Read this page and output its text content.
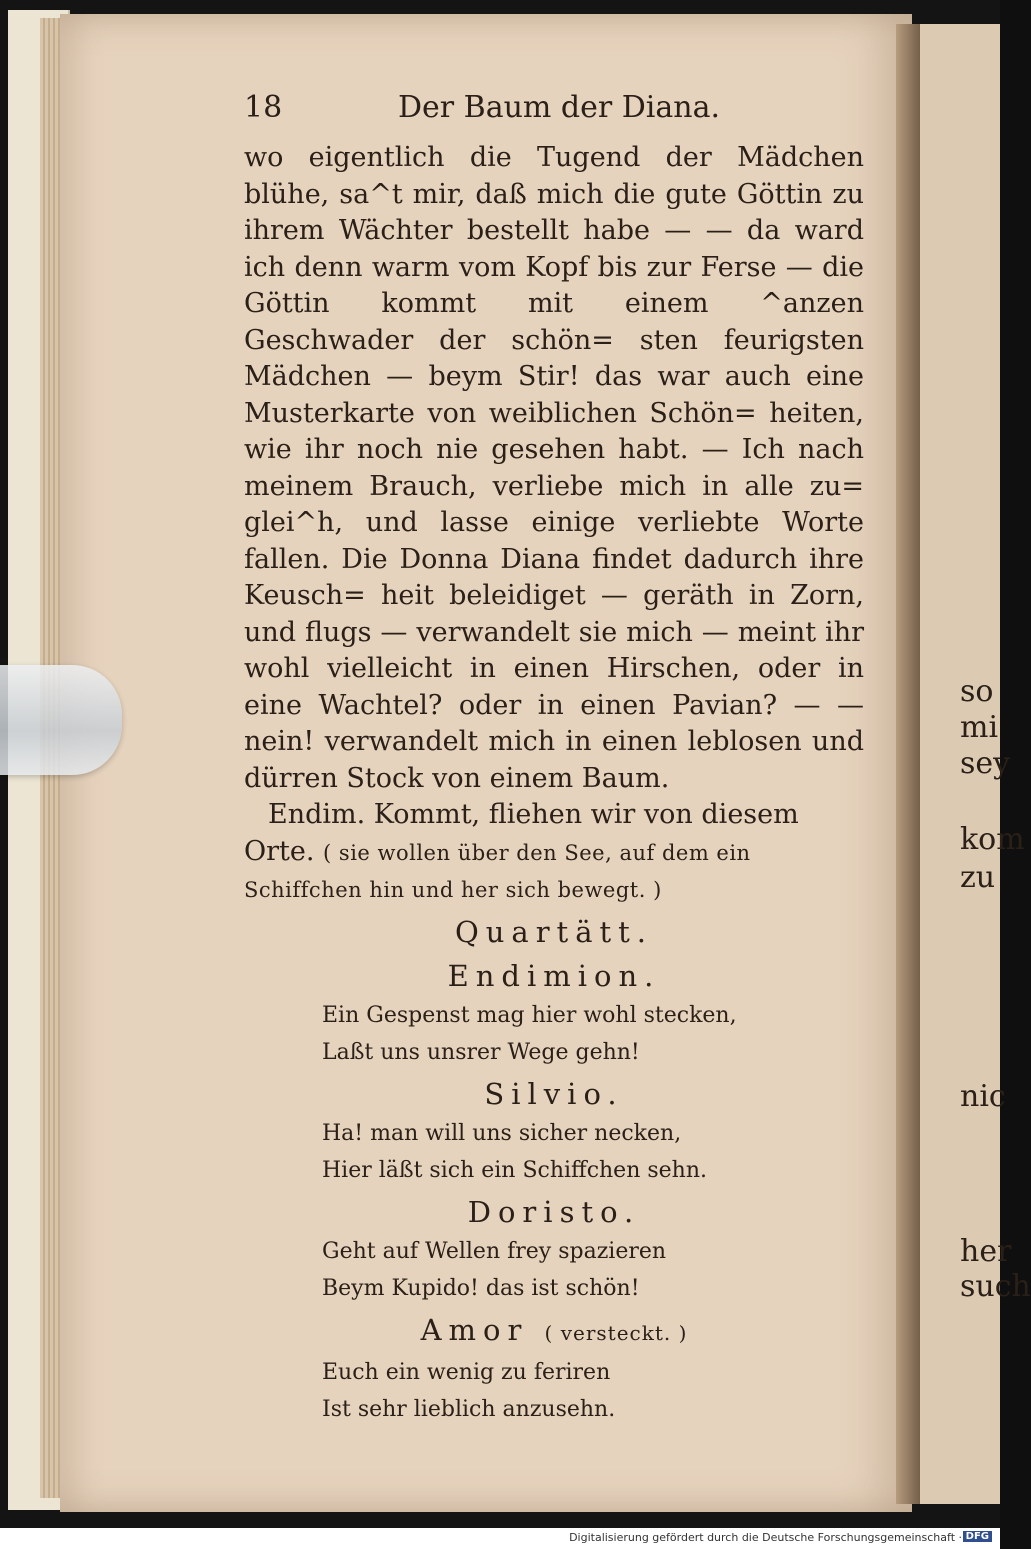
so
mi
sey
kom
zu
nic
her
such
18	Der Baum der Diana.

wo eigentlich die Tugend der Mädchen blühe, sa^t mir, daß mich die gute Göttin zu ihrem Wächter bestellt habe — — da ward ich denn warm vom Kopf bis zur Ferse — die Göttin kommt mit einem ^anzen Geschwader der schön= sten feurigsten Mädchen — beym Stir! das war auch eine Musterkarte von weiblichen Schön= heiten, wie ihr noch nie gesehen habt. — Ich nach meinem Brauch, verliebe mich in alle zu= glei^h, und lasse einige verliebte Worte fallen. Die Donna Diana findet dadurch ihre Keusch= heit beleidiget — geräth in Zorn, und flugs — verwandelt sie mich — meint ihr wohl vielleicht in einen Hirschen, oder in eine Wachtel? oder in einen Pavian? — — nein! verwandelt mich in einen leblosen und dürren Stock von einem Baum.

Endim. Kommt, fliehen wir von diesem Orte. ( sie wollen über den See, auf dem ein Schiffchen hin und her sich bewegt. )

Quartätt.
Endimion.
Ein Gespenst mag hier wohl stecken,
Laßt uns unsrer Wege gehn!
Silvio.
Ha! man will uns sicher necken,
Hier läßt sich ein Schiffchen sehn.
Doristo.
Geht auf Wellen frey spazieren
Beym Kupido! das ist schön!
Amor ( versteckt. )
Euch ein wenig zu feriren
Ist sehr lieblich anzusehn.
Digitalisierung gefördert durch die Deutsche Forschungsgemeinschaft · DFG
